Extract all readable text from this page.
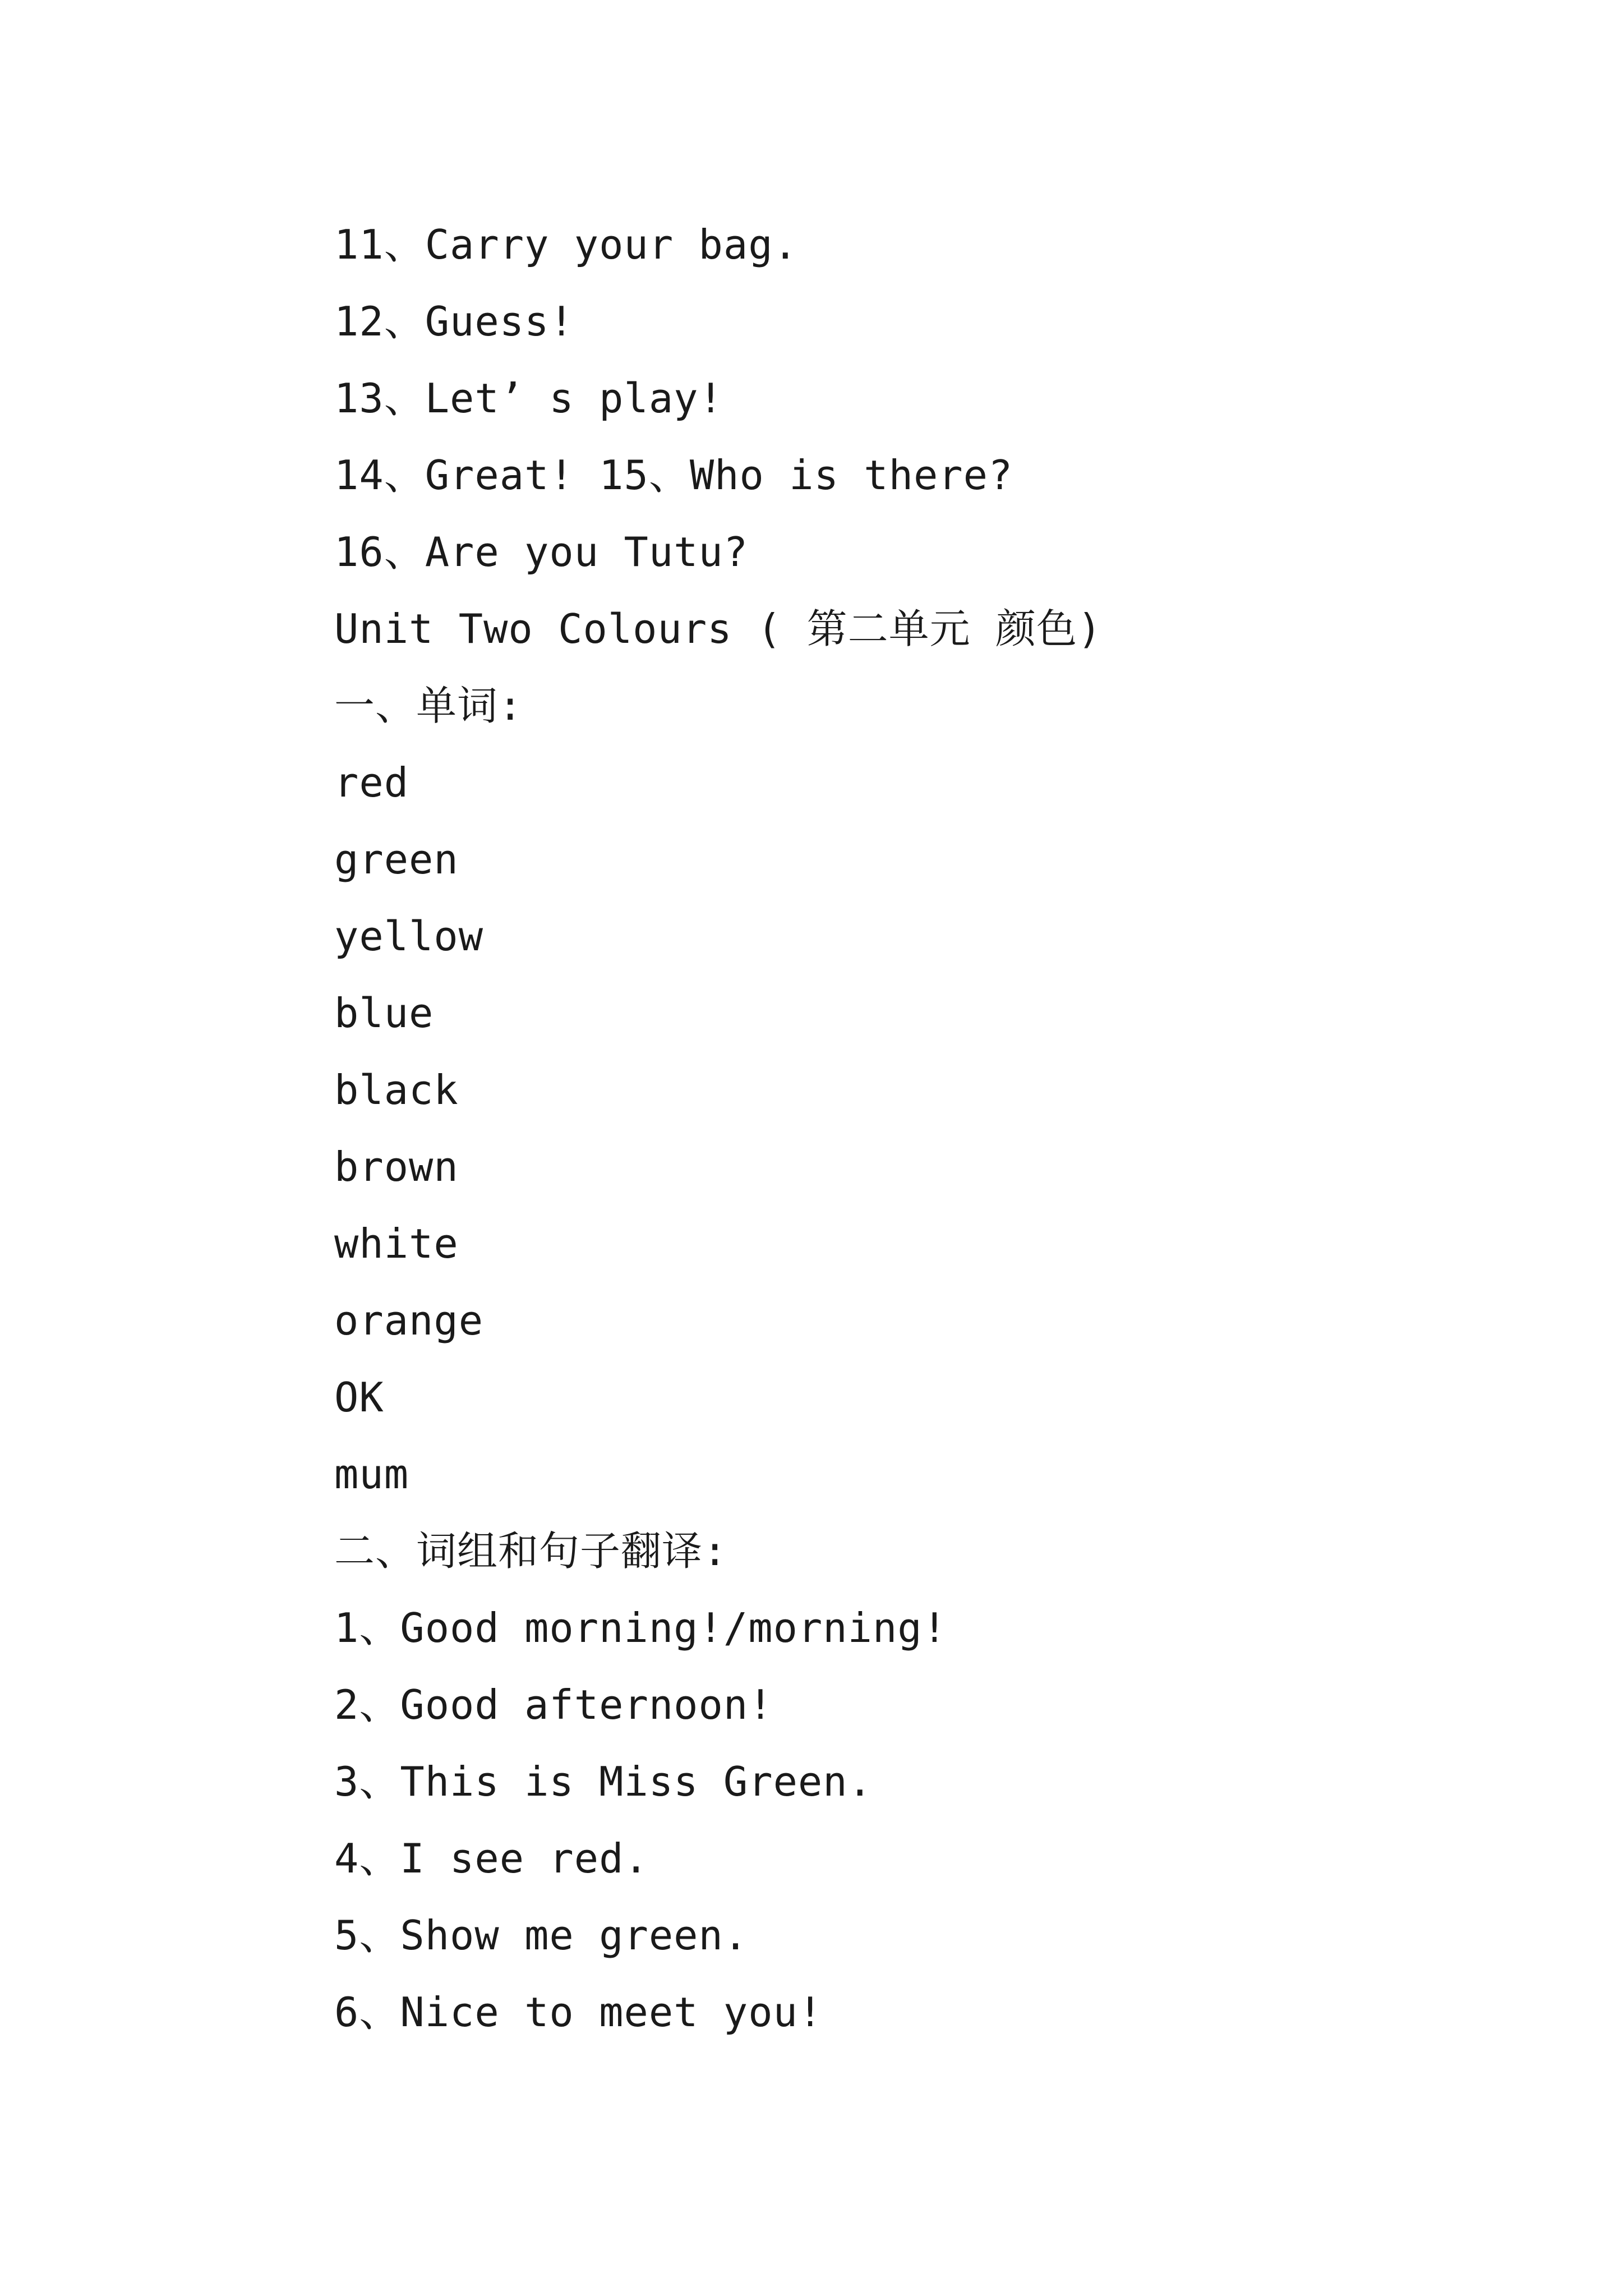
11、Carry your bag.
12、Guess!
13、Let’ s play!
14、Great! 15、Who is there?
16、Are you Tutu?
Unit Two Colours ( 第二单元 颜色)
一、单词:
red
green
yellow
blue
black
brown
white
orange
OK
mum
二、词组和句子翻译:
1、Good morning!/morning!
2、Good afternoon!
3、This is Miss Green.
4、I see red.
5、Show me green.
6、Nice to meet you!
